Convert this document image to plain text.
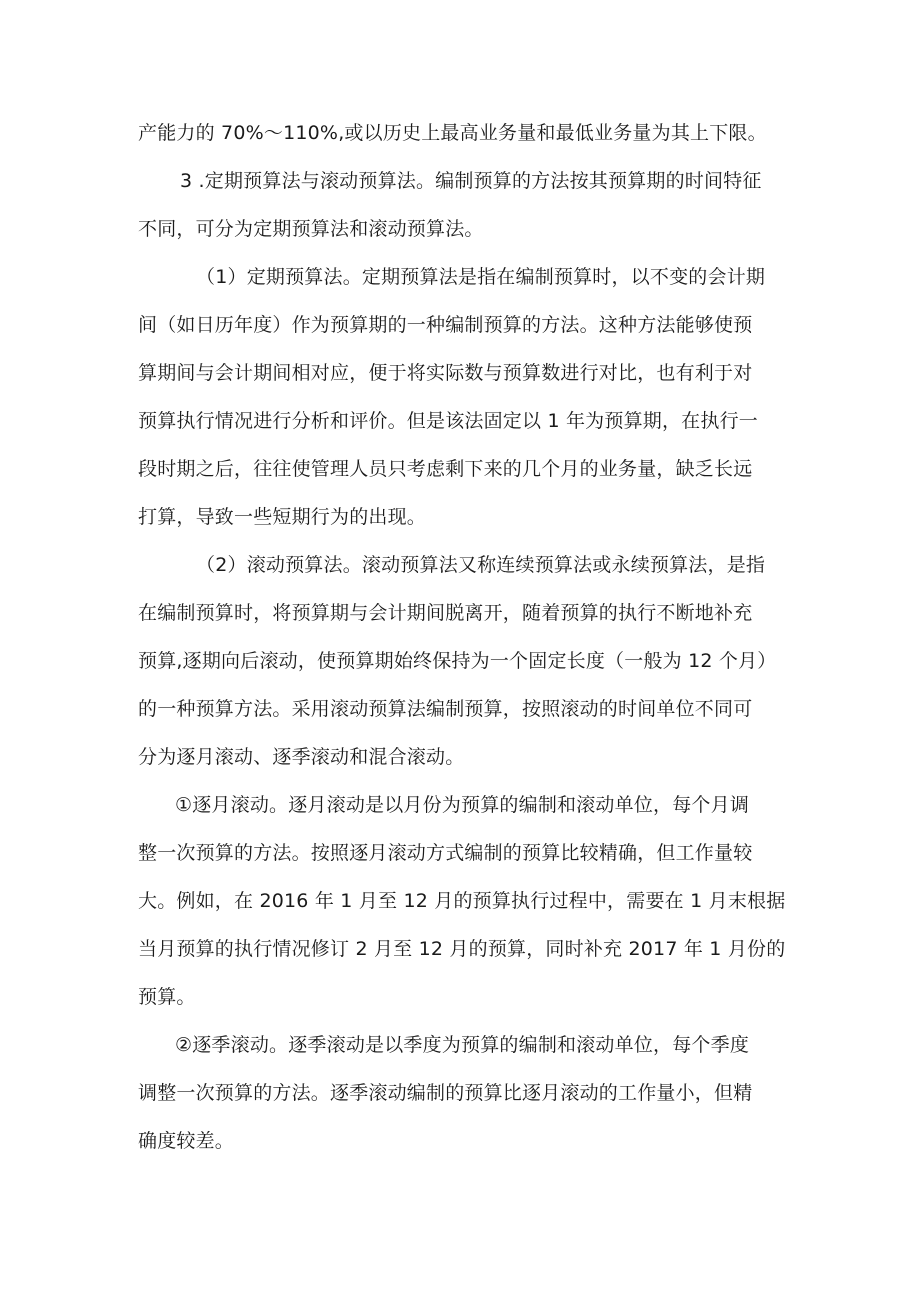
产能力的 70%～110%,或以历史上最高业务量和最低业务量为其上下限。
3 .定期预算法与滚动预算法。编制预算的方法按其预算期的时间特征
不同，可分为定期预算法和滚动预算法。
（1）定期预算法。定期预算法是指在编制预算时，以不变的会计期
间（如日历年度）作为预算期的一种编制预算的方法。这种方法能够使预
算期间与会计期间相对应，便于将实际数与预算数进行对比，也有利于对
预算执行情况进行分析和评价。但是该法固定以 1 年为预算期，在执行一
段时期之后，往往使管理人员只考虑剩下来的几个月的业务量，缺乏长远
打算，导致一些短期行为的出现。
（2）滚动预算法。滚动预算法又称连续预算法或永续预算法，是指
在编制预算时，将预算期与会计期间脱离开，随着预算的执行不断地补充
预算,逐期向后滚动，使预算期始终保持为一个固定长度（一般为 12 个月）
的一种预算方法。采用滚动预算法编制预算，按照滚动的时间单位不同可
分为逐月滚动、逐季滚动和混合滚动。
①逐月滚动。逐月滚动是以月份为预算的编制和滚动单位，每个月调
整一次预算的方法。按照逐月滚动方式编制的预算比较精确，但工作量较
大。例如，在 2016 年 1 月至 12 月的预算执行过程中，需要在 1 月末根据
当月预算的执行情况修订 2 月至 12 月的预算，同时补充 2017 年 1 月份的
预算。
②逐季滚动。逐季滚动是以季度为预算的编制和滚动单位，每个季度
调整一次预算的方法。逐季滚动编制的预算比逐月滚动的工作量小，但精
确度较差。
